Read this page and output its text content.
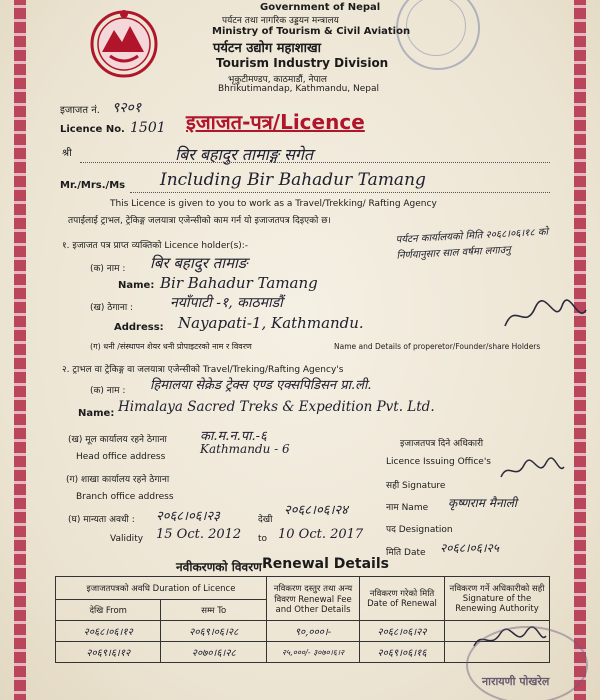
Government of Nepal
पर्यटन तथा नागरिक उड्डयन मन्त्रालय
Ministry of Tourism & Civil Aviation
पर्यटन उद्योग महाशाखा
Tourism Industry Division
भृकुटीमण्डप, काठमाडौं, नेपाल
Bhrikutimandap, Kathmandu, Nepal
इजाजत नं. ९२०१
Licence No. 1501 इजाजत-पत्र/Licence
श्री	बिर बहादुर तामाङ्ग सगेत
Mr./Mrs./Ms Including Bir Bahadur Tamang
This Licence is given to you to work as a Travel/Trekking/ Rafting Agency
तपाईलाई ट्राभल, ट्रेकिङ्ग जलयात्रा एजेन्सीको काम गर्न यो इजाजतपत्र दिइएको छ।
१. इजाजत पत्र प्राप्त व्यक्तिको Licence holder(s):-
(क) नाम : बिर बहादुर तामाङ
Name: Bir Bahadur Tamang
(ख) ठेगाना :	नयाँपाटी -१, काठमाडौं
Address: Nayapati-1, Kathmandu.
(ग) धनी /संस्थापन शेयर धनी प्रोपाइटरको नाम र विवरण	Name and Details of properetor/Founder/share Holders
पर्यटन कार्यालयको मिति २०६८।०६।१८ को निर्णयानुसार साल वर्षमा लगाउनु
२. ट्राभल वा ट्रेकिङ्ग वा जलयात्रा एजेन्सीको Travel/Treking/Rafting Agency's
(क) नाम : हिमालया सेक्रेड ट्रेक्स एण्ड एक्सपिडिसन प्रा.ली.
Name: Himalaya Sacred Treks & Expedition Pvt. Ltd.
(ख) मूल कार्यालय रहने ठेगाना	का.म.न.पा.-६
Kathmandu - 6
Head office address
(ग) शाखा कार्यालय रहने ठेगाना
Branch office address
(घ) मान्यता अवधी : २०६८।०६।२३	देखी
२०६८।०६।२४
Validity 15 Oct. 2012 to 10 Oct. 2017
इजाजतपत्र दिने अधिकारी
Licence Issuing Office's
सही Signature
नाम Name कृष्णराम मैनाली
पद Designation
मिति Date २०६८।०६।२५
नवीकरणको विवरण Renewal Details
इजाजतपत्रको अवधि Duration of Licence		नविकरण दस्तुर तथा अन्य विवरण Renewal Fee and Other Details	नविकरण गरेको मिति Date of Renewal	नविकरण गर्ने अधिकारीको सही Signature of the Renewing Authority
देखि From	सम्म To			
२०६८।०६।१२	२०६९।०६।२८	९०,०००।-	२०६८।०६।२२	
२०६९।६।१२	२०७०।६।२८	२५,०००/- ३०७०।६।२	२०६९।०६।१६	
नारायणी पोखरेल
